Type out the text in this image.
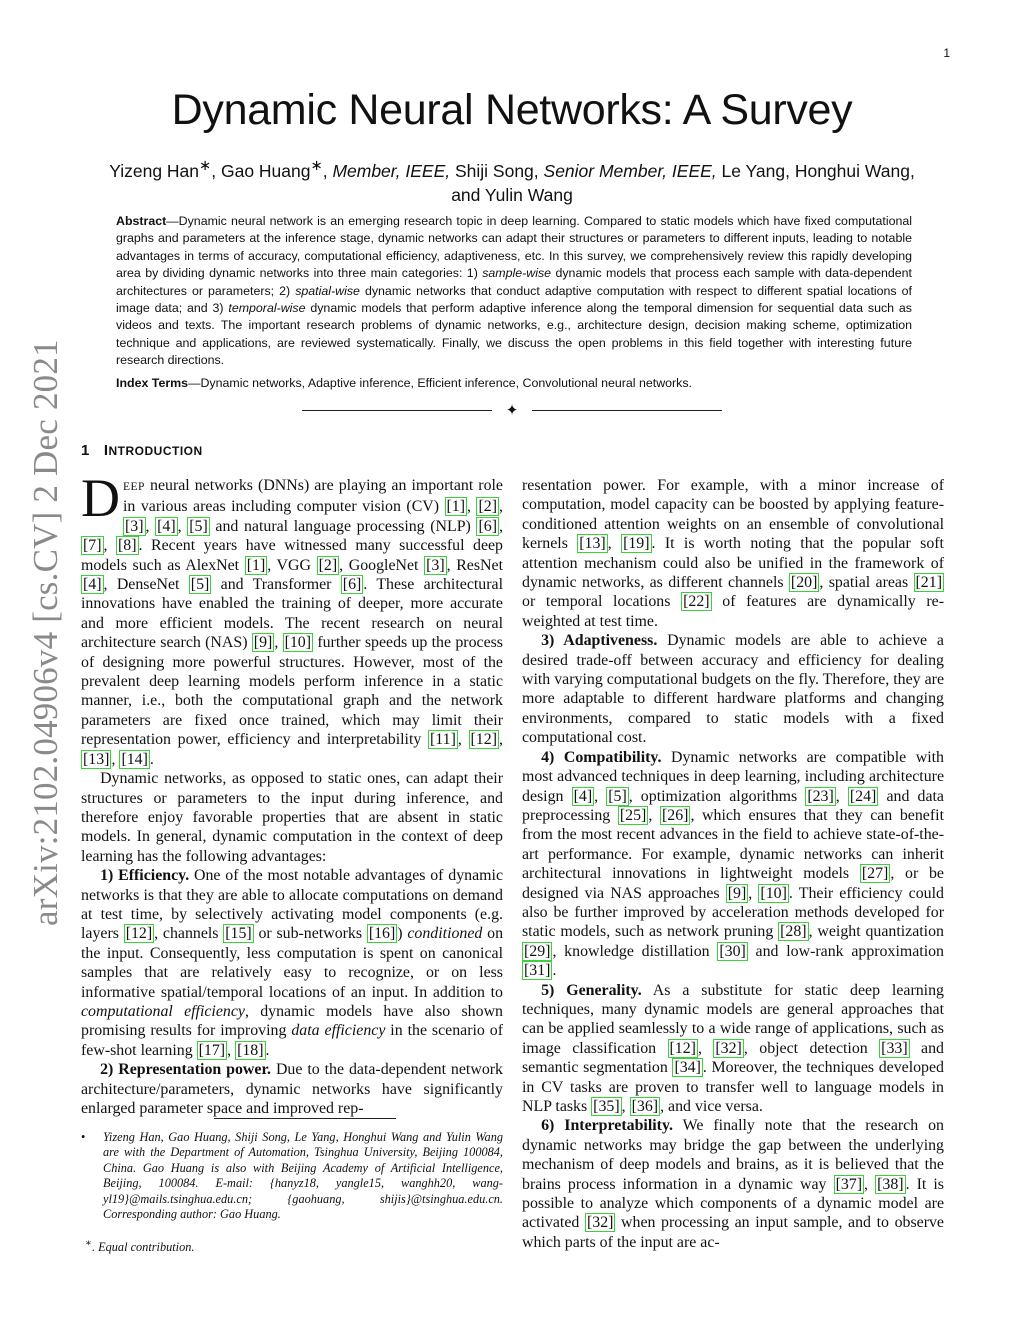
1
arXiv:2102.04906v4 [cs.CV] 2 Dec 2021
Dynamic Neural Networks: A Survey
Yizeng Han∗, Gao Huang∗, Member, IEEE, Shiji Song, Senior Member, IEEE, Le Yang, Honghui Wang,
and Yulin Wang
Abstract—Dynamic neural network is an emerging research topic in deep learning. Compared to static models which have fixed computational graphs and parameters at the inference stage, dynamic networks can adapt their structures or parameters to different inputs, leading to notable advantages in terms of accuracy, computational efficiency, adaptiveness, etc. In this survey, we comprehensively review this rapidly developing area by dividing dynamic networks into three main categories: 1) sample-wise dynamic models that process each sample with data-dependent architectures or parameters; 2) spatial-wise dynamic networks that conduct adaptive computation with respect to different spatial locations of image data; and 3) temporal-wise dynamic models that perform adaptive inference along the temporal dimension for sequential data such as videos and texts. The important research problems of dynamic networks, e.g., architecture design, decision making scheme, optimization technique and applications, are reviewed systematically. Finally, we discuss the open problems in this field together with interesting future research directions.
Index Terms—Dynamic networks, Adaptive inference, Efficient inference, Convolutional neural networks.
✦
1 INTRODUCTION

DEEP neural networks (DNNs) are playing an important role in various areas including computer vision (CV) [1] , [2] , [3] , [4] , [5] and natural language processing (NLP) [6] , [7] , [8] . Recent years have witnessed many successful deep models such as AlexNet [1] , VGG [2] , GoogleNet [3] , ResNet [4] , DenseNet [5] and Transformer [6] . These architectural innovations have enabled the training of deeper, more accurate and more efficient models. The recent research on neural architecture search (NAS) [9] , [10] further speeds up the process of designing more powerful structures. However, most of the prevalent deep learning models perform inference in a static manner, i.e., both the computational graph and the network parameters are fixed once trained, which may limit their representation power, efficiency and interpretability [11] , [12] , [13] , [14] .

Dynamic networks, as opposed to static ones, can adapt their structures or parameters to the input during inference, and therefore enjoy favorable properties that are absent in static models. In general, dynamic computation in the context of deep learning has the following advantages:

1) Efficiency. One of the most notable advantages of dynamic networks is that they are able to allocate computations on demand at test time, by selectively activating model components (e.g. layers [12] , channels [15] or sub-networks [16] ) conditioned on the input. Consequently, less computation is spent on canonical samples that are relatively easy to recognize, or on less informative spatial/temporal locations of an input. In addition to computational efficiency, dynamic models have also shown promising results for improving data efficiency in the scenario of few-shot learning [17] , [18] .

2) Representation power. Due to the data-dependent network architecture/parameters, dynamic networks have significantly enlarged parameter space and improved rep-

• Yizeng Han, Gao Huang, Shiji Song, Le Yang, Honghui Wang and Yulin Wang are with the Department of Automation, Tsinghua University, Beijing 100084, China. Gao Huang is also with Beijing Academy of Artificial Intelligence, Beijing, 100084. E-mail: {hanyz18, yangle15, wanghh20, wang-yl19}@mails.tsinghua.edu.cn; {gaohuang, shijis}@tsinghua.edu.cn. Corresponding author: Gao Huang.
∗. Equal contribution.

resentation power. For example, with a minor increase of computation, model capacity can be boosted by applying feature-conditioned attention weights on an ensemble of convolutional kernels [13] , [19] . It is worth noting that the popular soft attention mechanism could also be unified in the framework of dynamic networks, as different channels [20] , spatial areas [21] or temporal locations [22] of features are dynamically re-weighted at test time.

3) Adaptiveness. Dynamic models are able to achieve a desired trade-off between accuracy and efficiency for dealing with varying computational budgets on the fly. Therefore, they are more adaptable to different hardware platforms and changing environments, compared to static models with a fixed computational cost.

4) Compatibility. Dynamic networks are compatible with most advanced techniques in deep learning, including architecture design [4] , [5] , optimization algorithms [23] , [24] and data preprocessing [25] , [26] , which ensures that they can benefit from the most recent advances in the field to achieve state-of-the-art performance. For example, dynamic networks can inherit architectural innovations in lightweight models [27] , or be designed via NAS approaches [9] , [10] . Their efficiency could also be further improved by acceleration methods developed for static models, such as network pruning [28] , weight quantization [29] , knowledge distillation [30] and low-rank approximation [31] .

5) Generality. As a substitute for static deep learning techniques, many dynamic models are general approaches that can be applied seamlessly to a wide range of applications, such as image classification [12] , [32] , object detection [33] and semantic segmentation [34] . Moreover, the techniques developed in CV tasks are proven to transfer well to language models in NLP tasks [35] , [36] , and vice versa.

6) Interpretability. We finally note that the research on dynamic networks may bridge the gap between the underlying mechanism of deep models and brains, as it is believed that the brains process information in a dynamic way [37] , [38] . It is possible to analyze which components of a dynamic model are activated [32] when processing an input sample, and to observe which parts of the input are ac-
